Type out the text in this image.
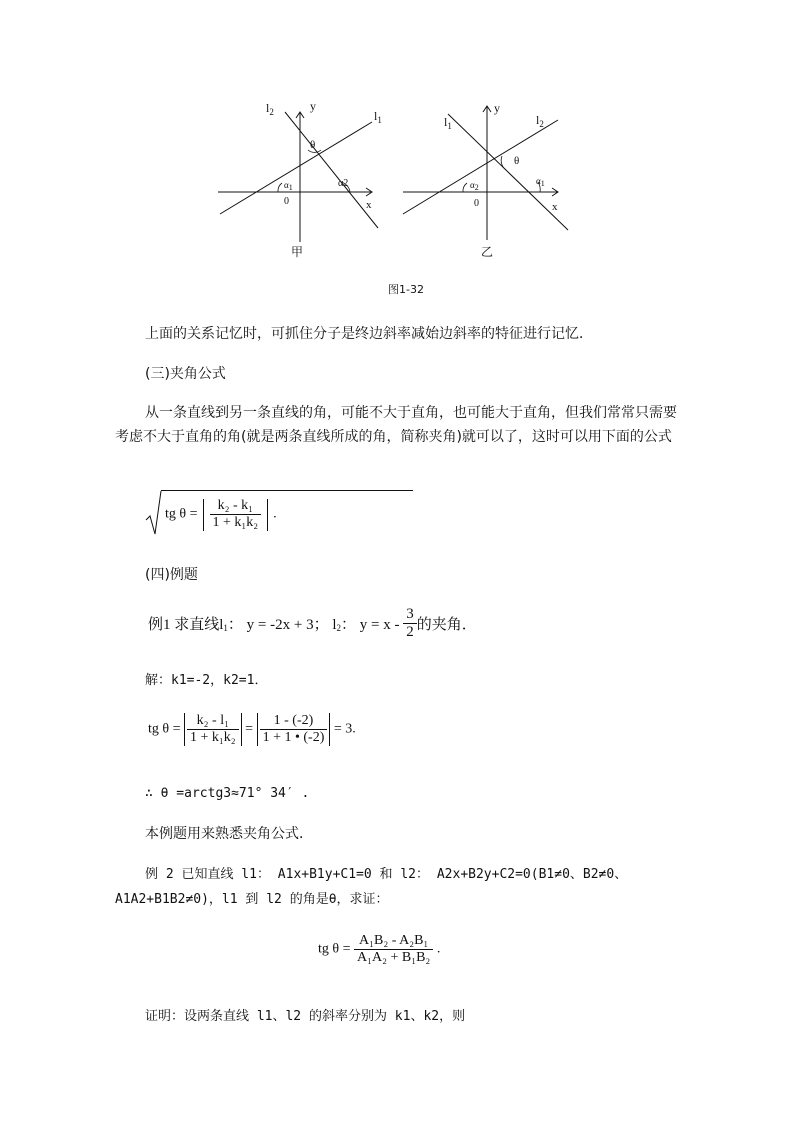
y
x
0
θ
$l_2$	$l_1$
α1	α2
甲
y
x
0
θ
$l_1$	$l_2$
α2
α1
乙
图1-32
上面的关系记忆时，可抓住分子是终边斜率减始边斜率的特征进行记忆．
(三)夹角公式
从一条直线到另一条直线的角，可能不大于直角，也可能大于直角，但我们常常只需要考虑不大于直角的角(就是两条直线所成的角，简称夹角)就可以了，这时可以用下面的公式
tg $\theta = \frac{\text{k₂ - k₁}}{\text{1 + k₁k₂}}$ .
(四)例题
例1 求直线$l_1$： y = -2x + 3； $l_2$： $y = x - \frac{3}{2}$ 的夹角．
解：k1=-2，k2=1．
tg $\theta = \frac{\text{k₂ - l₁}}{\text{1 + k₁k₂}} = \frac{1 - (-2)}{1 + 1 • (-2)} = 3$.
∴ θ =arctg3≈71° 34′ .
本例题用来熟悉夹角公式．
例 2 已知直线 l1： A1x+B1y+C1=0 和 l2： A2x+B2y+C2=0(B1≠0、B2≠0、A1A2+B1B2≠0)，l1 到 l2 的角是θ，求证：
tg $\theta = \frac{\text{A₁B₂ - A₂B₁}}{\text{A₁A₂ + B₁B₂}}$ .
证明：设两条直线 l1、l2 的斜率分别为 k1、k2，则
